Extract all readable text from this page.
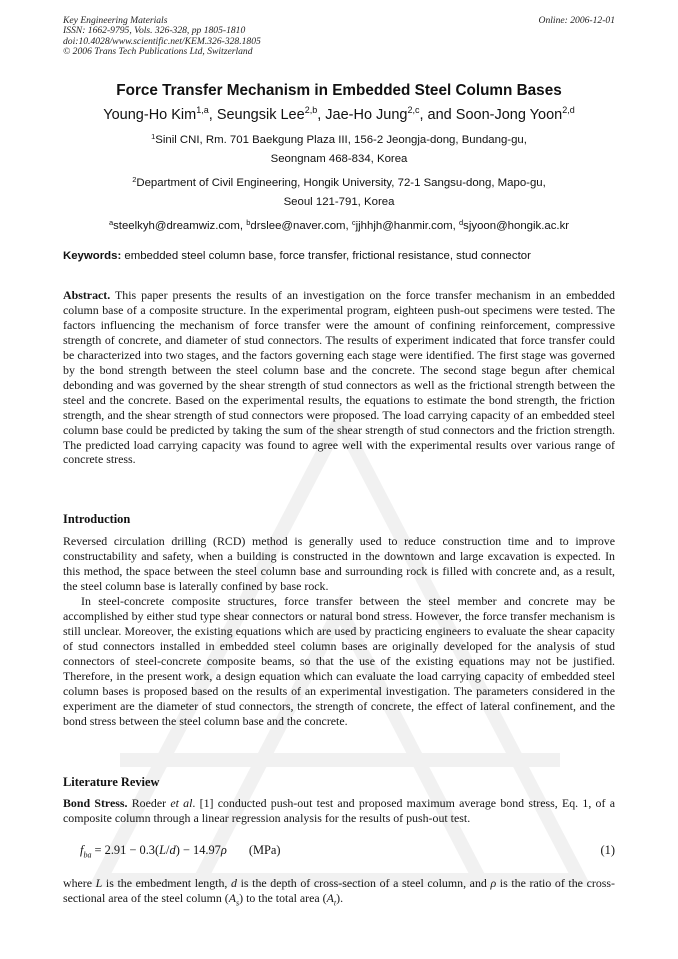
Key Engineering Materials
ISSN: 1662-9795, Vols. 326-328, pp 1805-1810
doi:10.4028/www.scientific.net/KEM.326-328.1805
© 2006 Trans Tech Publications Ltd, Switzerland
Online: 2006-12-01
Force Transfer Mechanism in Embedded Steel Column Bases
Young-Ho Kim$^{1,a}$, Seungsik Lee$^{2,b}$, Jae-Ho Jung$^{2,c}$, and Soon-Jong Yoon$^{2,d}$
$^1$Sinil CNI, Rm. 701 Baekgung Plaza III, 156-2 Jeongja-dong, Bundang-gu,
Seongnam 468-834, Korea
$^2$Department of Civil Engineering, Hongik University, 72-1 Sangsu-dong, Mapo-gu,
Seoul 121-791, Korea
$^a$steelkyh@dreamwiz.com, $^b$drslee@naver.com, $^c$jjhhjh@hanmir.com, $^d$sjyoon@hongik.ac.kr
Keywords: embedded steel column base, force transfer, frictional resistance, stud connector
Abstract. This paper presents the results of an investigation on the force transfer mechanism in an embedded column base of a composite structure. In the experimental program, eighteen push-out specimens were tested. The factors influencing the mechanism of force transfer were the amount of confining reinforcement, compressive strength of concrete, and diameter of stud connectors. The results of experiment indicated that force transfer could be characterized into two stages, and the factors governing each stage were identified. The first stage was governed by the bond strength between the steel column base and the concrete. The second stage begun after chemical debonding and was governed by the shear strength of stud connectors as well as the frictional strength between the steel and the concrete. Based on the experimental results, the equations to estimate the bond strength, the friction strength, and the shear strength of stud connectors were proposed. The load carrying capacity of an embedded steel column base could be predicted by taking the sum of the shear strength of stud connectors and the friction strength. The predicted load carrying capacity was found to agree well with the experimental results over various range of concrete stress.
Introduction
Reversed circulation drilling (RCD) method is generally used to reduce construction time and to improve constructability and safety, when a building is constructed in the downtown and large excavation is expected. In this method, the space between the steel column base and surrounding rock is filled with concrete and, as a result, the steel column base is laterally confined by base rock.
In steel-concrete composite structures, force transfer between the steel member and concrete may be accomplished by either stud type shear connectors or natural bond stress. However, the force transfer mechanism is still unclear. Moreover, the existing equations which are used by practicing engineers to evaluate the shear capacity of stud connectors installed in embedded steel column bases are originally developed for the analysis of stud connectors of steel-concrete composite beams, so that the use of the existing equations may not be justified. Therefore, in the present work, a design equation which can evaluate the load carrying capacity of embedded steel column bases is proposed based on the results of an experimental investigation. The parameters considered in the experiment are the diameter of stud connectors, the strength of concrete, the effect of lateral confinement, and the bond stress between the steel column base and the concrete.
Literature Review
Bond Stress. Roeder et al. [1] conducted push-out test and proposed maximum average bond stress, Eq. 1, of a composite column through a linear regression analysis for the results of push-out test.
$f_{ba} = 2.91 - 0.3(L/d) - 14.97\rho$ (MPa)	(1)
where L is the embedment length, d is the depth of cross-section of a steel column, and ρ is the ratio of the cross-sectional area of the steel column $(A_s)$ to the total area $(A_t)$.
